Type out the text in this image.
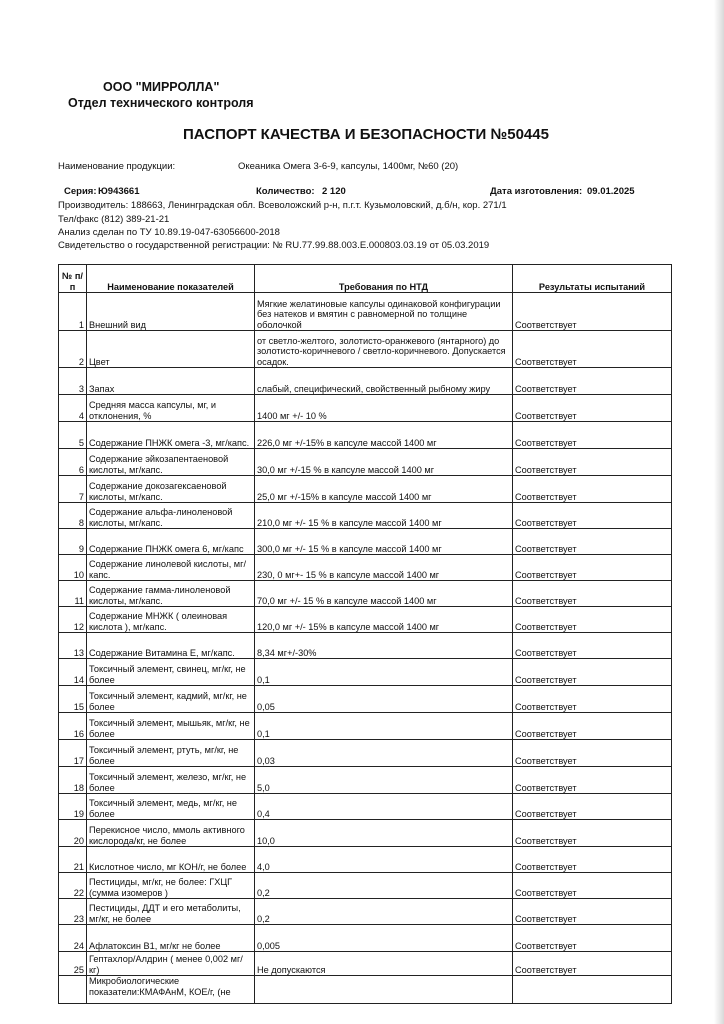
ООО "МИРРОЛЛА"
Отдел технического контроля
ПАСПОРТ КАЧЕСТВА И БЕЗОПАСНОСТИ №50445
Наименование продукции:	Океаника Омега 3-6-9, капсулы, 1400мг, №60 (20)
Серия: Ю943661	Количество: 2 120	Дата изготовления: 09.01.2025
Производитель: 188663, Ленинградская обл. Всеволожский р-н, п.г.т. Кузьмоловский, д.б/н, кор. 271/1
Тел/факс (812) 389-21-21
Анализ сделан по ТУ 10.89.19-047-63056600-2018
Свидетельство о государственной регистрации: № RU.77.99.88.003.Е.000803.03.19 от 05.03.2019
№ п/п	Наименование показателей	Требования по НТД	Результаты испытаний
1	Внешний вид	Мягкие желатиновые капсулы одинаковой конфигурации без натеков и вмятин с равномерной по толщине оболочкой	Соответствует
2	Цвет	от светло-желтого, золотисто-оранжевого (янтарного) до золотисто-коричневого / светло-коричневого. Допускается осадок.	Соответствует
3	Запах	слабый, специфический, свойственный рыбному жиру	Соответствует
4	Средняя масса капсулы, мг, и отклонения, %	1400 мг +/- 10 %	Соответствует
5	Содержание ПНЖК омега -3, мг/капс.	226,0 мг +/-15% в капсуле массой 1400 мг	Соответствует
6	Содержание эйкозапентаеновой кислоты, мг/капс.	30,0 мг +/-15 % в капсуле массой 1400 мг	Соответствует
7	Содержание докозагексаеновой кислоты, мг/капс.	25,0 мг +/-15% в капсуле массой 1400 мг	Соответствует
8	Содержание альфа-линоленовой кислоты, мг/капс.	210,0 мг +/- 15 % в капсуле массой 1400 мг	Соответствует
9	Содержание ПНЖК омега 6, мг/капс	300,0 мг +/- 15 % в капсуле массой 1400 мг	Соответствует
10	Содержание линолевой кислоты, мг/капс.	230, 0 мг+- 15 % в капсуле массой 1400 мг	Соответствует
11	Содержание гамма-линоленовой кислоты, мг/капс.	70,0 мг +/- 15 % в капсуле массой 1400 мг	Соответствует
12	Содержание МНЖК ( олеиновая кислота ), мг/капс.	120,0 мг +/- 15% в капсуле массой 1400 мг	Соответствует
13	Содержание Витамина Е, мг/капс.	8,34 мг+/-30%	Соответствует
14	Токсичный элемент, свинец, мг/кг, не более	0,1	Соответствует
15	Токсичный элемент, кадмий, мг/кг, не более	0,05	Соответствует
16	Токсичный элемент, мышьяк, мг/кг, не более	0,1	Соответствует
17	Токсичный элемент, ртуть, мг/кг, не более	0,03	Соответствует
18	Токсичный элемент, железо, мг/кг, не более	5,0	Соответствует
19	Токсичный элемент, медь, мг/кг, не более	0,4	Соответствует
20	Перекисное число, ммоль активного кислорода/кг, не более	10,0	Соответствует
21	Кислотное число, мг КОН/г, не более	4,0	Соответствует
22	Пестициды, мг/кг, не более: ГХЦГ (сумма изомеров )	0,2	Соответствует
23	Пестициды, ДДТ и его метаболиты, мг/кг, не более	0,2	Соответствует
24	Афлатоксин В1, мг/кг не более	0,005	Соответствует
25	Гептахлор/Алдрин ( менее 0,002 мг/кг)	Не допускаются	Соответствует
	Микробиологические показатели:КМАФАнМ, КОЕ/г, (не		
